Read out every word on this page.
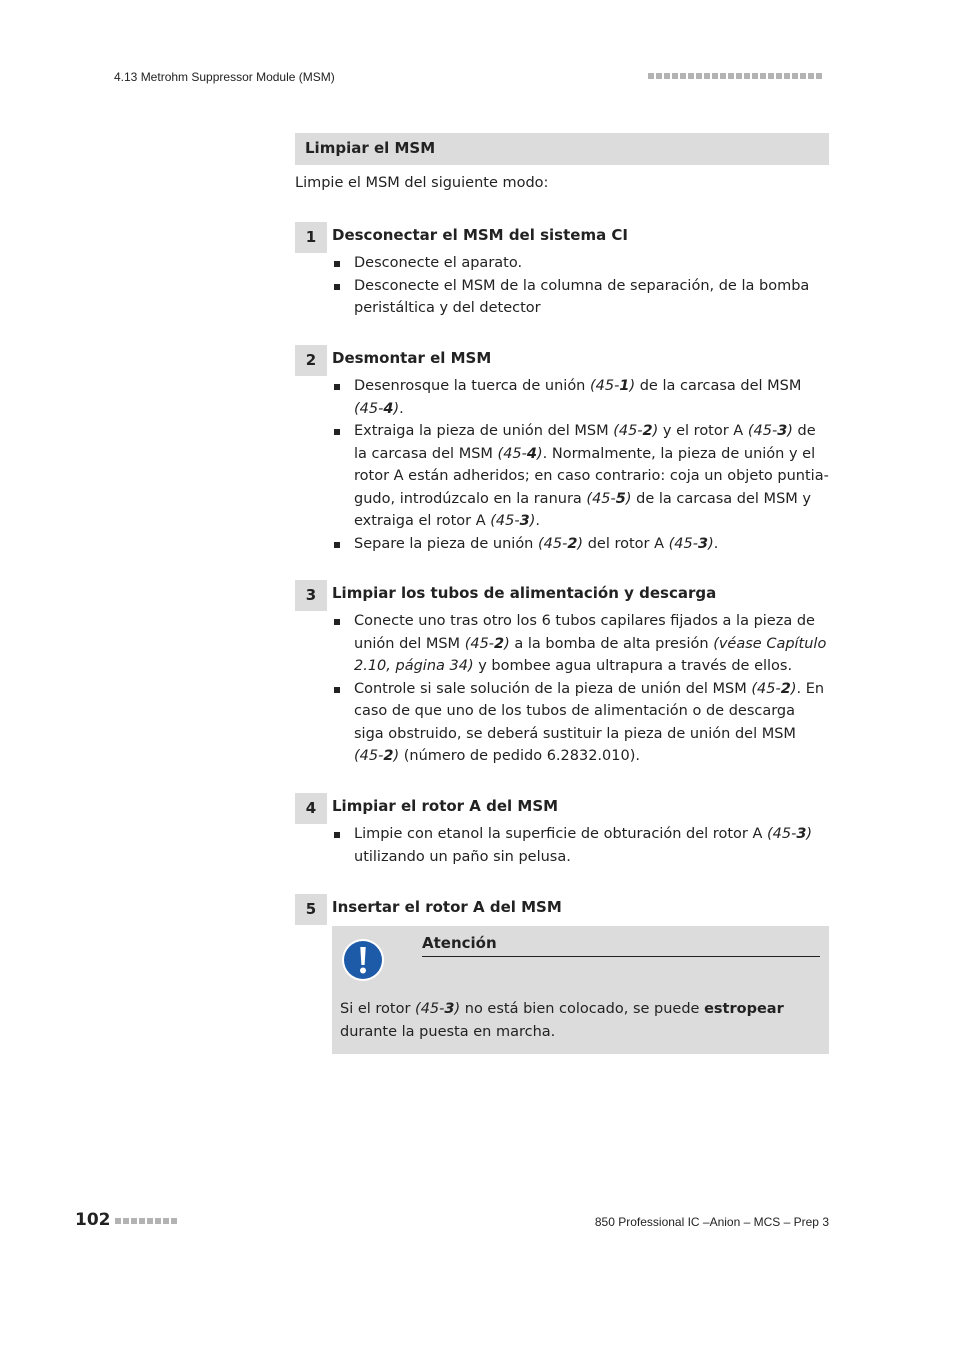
4.13 Metrohm Suppressor Module (MSM)
Limpiar el MSM
Limpie el MSM del siguiente modo:
1	Desconectar el MSM del sistema CI
Desconecte el aparato.
Desconecte el MSM de la columna de separación, de la bomba peristáltica y del detector
2	Desmontar el MSM
Desenrosque la tuerca de unión (45-1) de la carcasa del MSM (45-4).
Extraiga la pieza de unión del MSM (45-2) y el rotor A (45-3) de la carcasa del MSM (45-4). Normalmente, la pieza de unión y el rotor A están adheridos; en caso contrario: coja un objeto puntia-gudo, introdúzcalo en la ranura (45-5) de la carcasa del MSM y extraiga el rotor A (45-3).
Separe la pieza de unión (45-2) del rotor A (45-3).
3	Limpiar los tubos de alimentación y descarga
Conecte uno tras otro los 6 tubos capilares fijados a la pieza de unión del MSM (45-2) a la bomba de alta presión (véase Capítulo 2.10, página 34) y bombee agua ultrapura a través de ellos.
Controle si sale solución de la pieza de unión del MSM (45-2). En caso de que uno de los tubos de alimentación o de descarga siga obstruido, se deberá sustituir la pieza de unión del MSM (45-2) (número de pedido 6.2832.010).
4	Limpiar el rotor A del MSM
Limpie con etanol la superficie de obturación del rotor A (45-3) utilizando un paño sin pelusa.
5	Insertar el rotor A del MSM
Atención
Si el rotor (45-3) no está bien colocado, se puede estropear durante la puesta en marcha.
102	850 Professional IC –Anion – MCS – Prep 3
